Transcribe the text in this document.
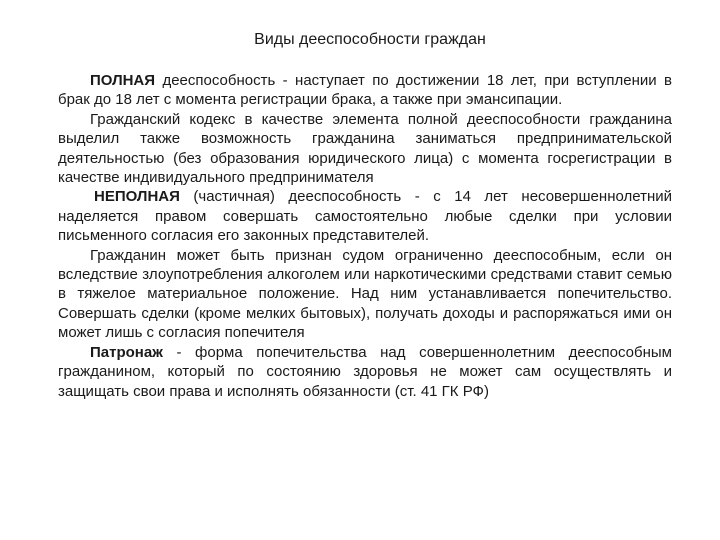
Виды дееспособности граждан

ПОЛНАЯ дееспособность - наступает по достижении 18 лет, при вступлении в брак до 18 лет с момента регистрации брака, а также при эмансипации.

Гражданский кодекс в качестве элемента полной дееспособности гражданина выделил также возможность гражданина заниматься предпринимательской деятельностью (без образования юридического лица) с момента госрегистрации в качестве индивидуального предпринимателя

НЕПОЛНАЯ (частичная) дееспособность - с 14 лет несовершеннолетний наделяется правом совершать самостоятельно любые сделки при условии письменного согласия его законных представителей.

Гражданин может быть признан судом ограниченно дееспособным, если он вследствие злоупотребления алкоголем или наркотическими средствами ставит семью в тяжелое материальное положение. Над ним устанавливается попечительство. Совершать сделки (кроме мелких бытовых), получать доходы и распоряжаться ими он может лишь с согласия попечителя

Патронаж - форма попечительства над совершеннолетним дееспособным гражданином, который по состоянию здоровья не может сам осуществлять и защищать свои права и исполнять обязанности (ст. 41 ГК РФ)
